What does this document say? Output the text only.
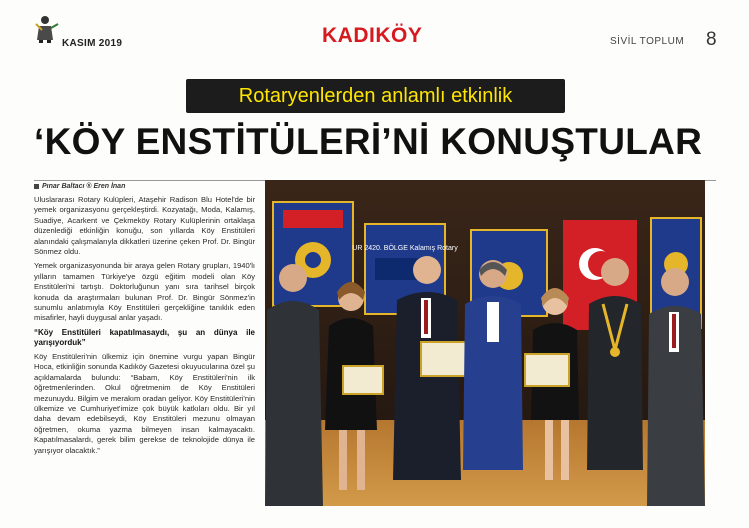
KASIM 2019	KADIKÖY	SİVİL TOPLUM 8
Rotaryenlerden anlamlı etkinlik
‘KÖY ENSTİTÜLERİ’Nİ KONUŞTULAR
Pınar Baltacı ® Eren İnan

Uluslararası Rotary Kulüpleri, Ataşehir Radison Blu Hotel'de bir yemek organizasyonu gerçekleştirdi. Kozyatağı, Moda, Kalamış, Suadiye, Acarkent ve Çekmeköy Rotary Kulüplerinin ortaklaşa düzenlediği etkinliğin konuğu, son yıllarda Köy Enstitüleri alanındaki çalışmalarıyla dikkatleri üzerine çeken Prof. Dr. Bingür Sönmez oldu.

Yemek organizasyonunda bir araya gelen Rotary grupları, 1940'lı yılların tamamen Türkiye'ye özgü eğitim modeli olan Köy Enstitüleri'ni tartıştı. Doktorluğunun yanı sıra tarihsel birçok konuda da araştırmaları bulunan Prof. Dr. Bingür Sönmez'in sunumlu anlatımıyla Köy Enstitüleri gerçekliğine tanıklık eden misafirler, hayli duygusal anlar yaşadı.

“Köy Enstitüleri kapatılmasaydı, şu an dünya ile yarışıyorduk”

Köy Enstitüleri'nin ülkemiz için önemine vurgu yapan Bingür Hoca, etkinliğin sonunda Kadıköy Gazetesi okuyucularına özel şu açıklamalarda bulundu: “Babam, Köy Enstitüleri'nin ilk öğretmenlerinden. Okul öğretmenim de Köy Enstitüleri mezunuydu. Bilgim ve merakım oradan geliyor. Köy Enstitüleri'nin ülkemize ve Cumhuriyet'imize çok büyük katkıları oldu. Bir yıl daha devam edebilseydi, Köy Enstitüleri mezunu olmayan öğretmen, okuma yazma bilmeyen insan kalmayacaktı. Kapatılmasalardı, gerek bilim gerekse de teknolojide dünya ile yarışıyor olacaktık.”

UR 2420. BÖLGE Kalamış Rotary
